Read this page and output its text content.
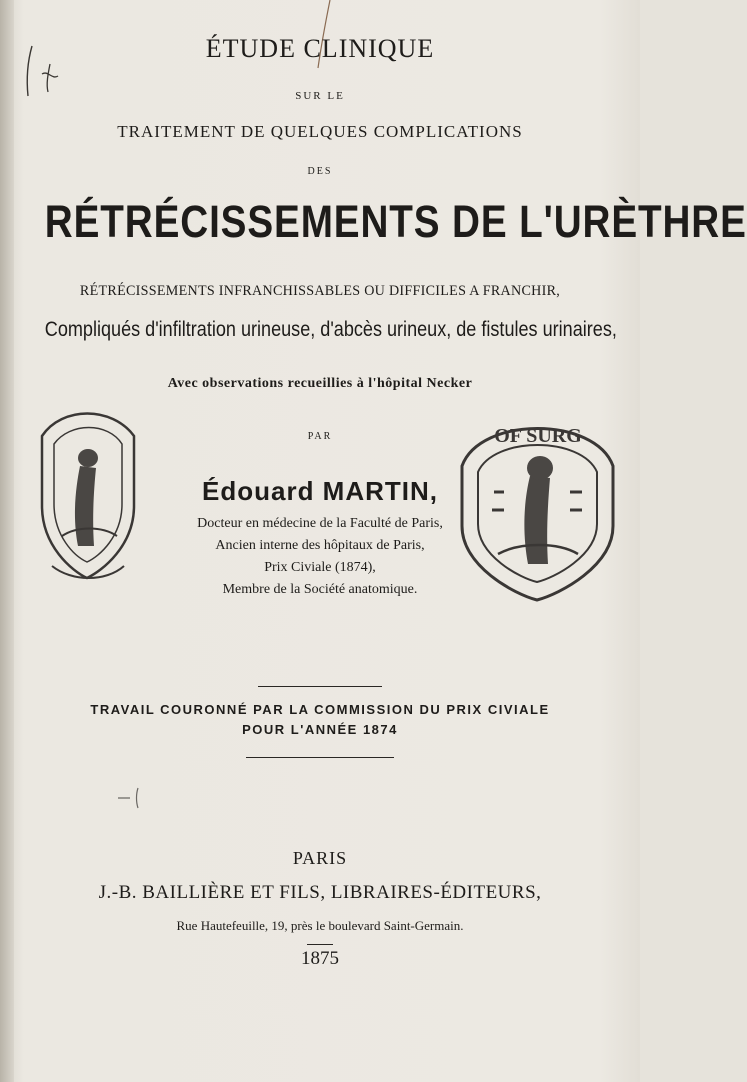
ÉTUDE CLINIQUE
SUR LE
TRAITEMENT DE QUELQUES COMPLICATIONS
DES
RÉTRÉCISSEMENTS DE L'URÈTHRE
RÉTRÉCISSEMENTS INFRANCHISSABLES OU DIFFICILES A FRANCHIR,
Compliqués d'infiltration urineuse, d'abcès urineux, de fistules urinaires,
Avec observations recueillies à l'hôpital Necker
OF SURG
PAR
Édouard MARTIN,
Docteur en médecine de la Faculté de Paris,
Ancien interne des hôpitaux de Paris,
Prix Civiale (1874),
Membre de la Société anatomique.
TRAVAIL COURONNÉ PAR LA COMMISSION DU PRIX CIVIALE
POUR L'ANNÉE 1874
PARIS
J.-B. BAILLIÈRE ET FILS, LIBRAIRES-ÉDITEURS,
Rue Hautefeuille, 19, près le boulevard Saint-Germain.
1875
